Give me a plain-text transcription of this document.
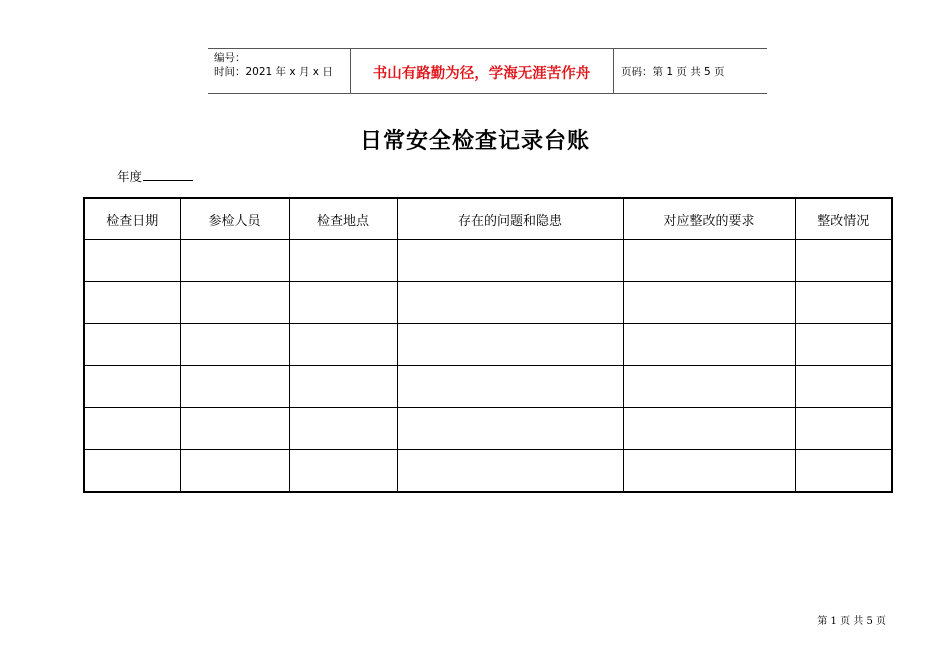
编号：
时间：2021 年 x 月 x 日	书山有路勤为径，学海无涯苦作舟	页码：第 1 页 共 5 页
日常安全检查记录台账
年度
检查日期	参检人员	检查地点	存在的问题和隐患	对应整改的要求	整改情况

第 1 页 共 5 页
